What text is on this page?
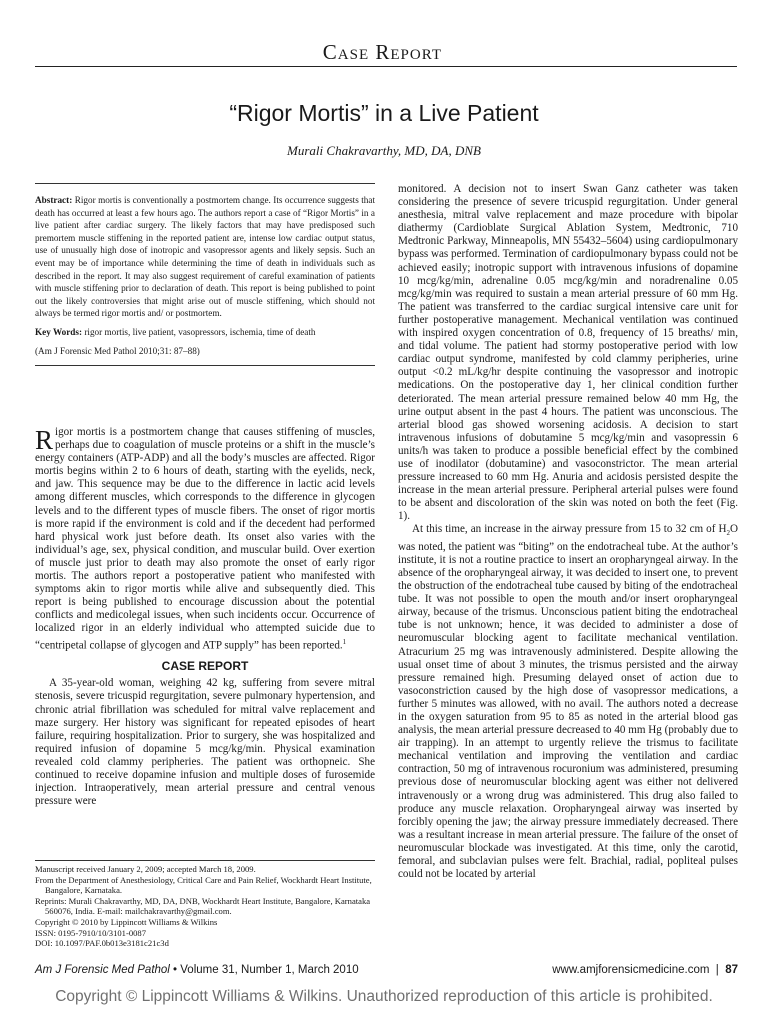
Case Report
“Rigor Mortis” in a Live Patient
Murali Chakravarthy, MD, DA, DNB

Abstract: Rigor mortis is conventionally a postmortem change. Its occurrence suggests that death has occurred at least a few hours ago. The authors report a case of “Rigor Mortis” in a live patient after cardiac surgery. The likely factors that may have predisposed such premortem muscle stiffening in the reported patient are, intense low cardiac output status, use of unusually high dose of inotropic and vasopressor agents and likely sepsis. Such an event may be of importance while determining the time of death in individuals such as described in the report. It may also suggest requirement of careful examination of patients with muscle stiffening prior to declaration of death. This report is being published to point out the likely controversies that might arise out of muscle stiffening, which should not always be termed rigor mortis and/ or postmortem.

Key Words: rigor mortis, live patient, vasopressors, ischemia, time of death

(Am J Forensic Med Pathol 2010;31: 87–88)

Rigor mortis is a postmortem change that causes stiffening of muscles, perhaps due to coagulation of muscle proteins or a shift in the muscle’s energy containers (ATP-ADP) and all the body’s muscles are affected. Rigor mortis begins within 2 to 6 hours of death, starting with the eyelids, neck, and jaw. This sequence may be due to the difference in lactic acid levels among different muscles, which corresponds to the difference in glycogen levels and to the different types of muscle fibers. The onset of rigor mortis is more rapid if the environment is cold and if the decedent had performed hard physical work just before death. Its onset also varies with the individual’s age, sex, physical condition, and muscular build. Over exertion of muscle just prior to death may also promote the onset of early rigor mortis. The authors report a postoperative patient who manifested with symptoms akin to rigor mortis while alive and subsequently died. This report is being published to encourage discussion about the potential conflicts and medicolegal issues, when such incidents occur. Occurrence of localized rigor in an elderly individual who attempted suicide due to “centripetal collapse of glycogen and ATP supply” has been reported.$^1$

CASE REPORT

A 35-year-old woman, weighing 42 kg, suffering from severe mitral stenosis, severe tricuspid regurgitation, severe pulmonary hypertension, and chronic atrial fibrillation was scheduled for mitral valve replacement and maze surgery. Her history was significant for repeated episodes of heart failure, requiring hospitalization. Prior to surgery, she was hospitalized and required infusion of dopamine 5 mcg/kg/min. Physical examination revealed cold clammy peripheries. The patient was orthopneic. She continued to receive dopamine infusion and multiple doses of furosemide injection. Intraoperatively, mean arterial pressure and central venous pressure were

monitored. A decision not to insert Swan Ganz catheter was taken considering the presence of severe tricuspid regurgitation. Under general anesthesia, mitral valve replacement and maze procedure with bipolar diathermy (Cardioblate Surgical Ablation System, Medtronic, 710 Medtronic Parkway, Minneapolis, MN 55432–5604) using cardiopulmonary bypass was performed. Termination of cardiopulmonary bypass could not be achieved easily; inotropic support with intravenous infusions of dopamine 10 mcg/kg/min, adrenaline 0.05 mcg/kg/min and noradrenaline 0.05 mcg/kg/min was required to sustain a mean arterial pressure of 60 mm Hg. The patient was transferred to the cardiac surgical intensive care unit for further postoperative management. Mechanical ventilation was continued with inspired oxygen concentration of 0.8, frequency of 15 breaths/ min, and tidal volume. The patient had stormy postoperative period with low cardiac output syndrome, manifested by cold clammy peripheries, urine output <0.2 mL/kg/hr despite continuing the vasopressor and inotropic medications. On the postoperative day 1, her clinical condition further deteriorated. The mean arterial pressure remained below 40 mm Hg, the urine output absent in the past 4 hours. The patient was unconscious. The arterial blood gas showed worsening acidosis. A decision to start intravenous infusions of dobutamine 5 mcg/kg/min and vasopressin 6 units/h was taken to produce a possible beneficial effect by the combined use of inodilator (dobutamine) and vasoconstrictor. The mean arterial pressure increased to 60 mm Hg. Anuria and acidosis persisted despite the increase in the mean arterial pressure. Peripheral arterial pulses were found to be absent and discoloration of the skin was noted on both the feet (Fig. 1).

At this time, an increase in the airway pressure from 15 to 32 cm of $H_2O$ was noted, the patient was “biting” on the endotracheal tube. At the author’s institute, it is not a routine practice to insert an oropharyngeal airway. In the absence of the oropharyngeal airway, it was decided to insert one, to prevent the obstruction of the endotracheal tube caused by biting of the endotracheal tube. It was not possible to open the mouth and/or insert oropharyngeal airway, because of the trismus. Unconscious patient biting the endotracheal tube is not unknown; hence, it was decided to administer a dose of neuromuscular blocking agent to facilitate mechanical ventilation. Atracurium 25 mg was intravenously administered. Despite allowing the usual onset time of about 3 minutes, the trismus persisted and the airway pressure remained high. Presuming delayed onset of action due to vasoconstriction caused by the high dose of vasopressor medications, a further 5 minutes was allowed, with no avail. The authors noted a decrease in the oxygen saturation from 95 to 85 as noted in the arterial blood gas analysis, the mean arterial pressure decreased to 40 mm Hg (probably due to air trapping). In an attempt to urgently relieve the trismus to facilitate mechanical ventilation and improving the ventilation and cardiac contraction, 50 mg of intravenous rocuronium was administered, presuming previous dose of neuromuscular blocking agent was either not delivered intravenously or a wrong drug was administered. This drug also failed to produce any muscle relaxation. Oropharyngeal airway was inserted by forcibly opening the jaw; the airway pressure immediately decreased. There was a resultant increase in mean arterial pressure. The failure of the onset of neuromuscular blockade was investigated. At this time, only the carotid, femoral, and subclavian pulses were felt. Brachial, radial, popliteal pulses could not be located by arterial

Manuscript received January 2, 2009; accepted March 18, 2009.
From the Department of Anesthesiology, Critical Care and Pain Relief, Wockhardt Heart Institute, Bangalore, Karnataka.
Reprints: Murali Chakravarthy, MD, DA, DNB, Wockhardt Heart Institute, Bangalore, Karnataka 560076, India. E-mail: mailchakravarthy@gmail.com.
Copyright © 2010 by Lippincott Williams & Wilkins
ISSN: 0195-7910/10/3101-0087
DOI: 10.1097/PAF.0b013e3181c21c3d
Am J Forensic Med Pathol • Volume 31, Number 1, March 2010	www.amjforensicmedicine.com  |  87
Copyright © Lippincott Williams & Wilkins. Unauthorized reproduction of this article is prohibited.
